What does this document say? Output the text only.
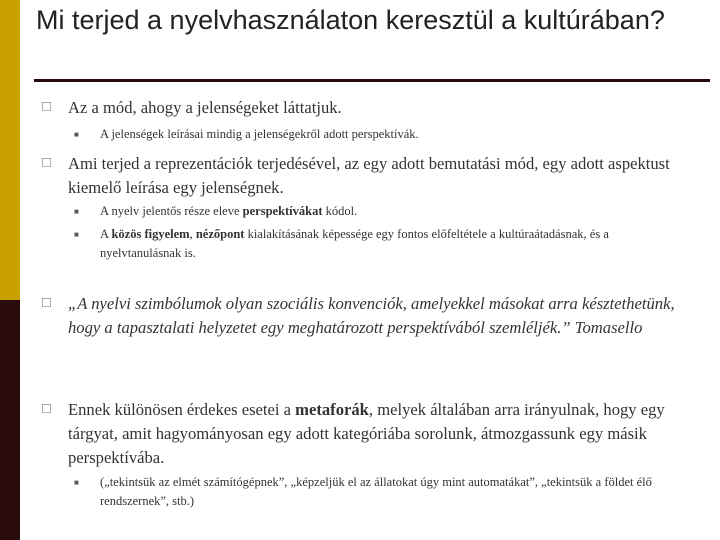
Mi terjed a nyelvhasználaton keresztül a kultúrában?
□ Az a mód, ahogy a jelenségeket láttatjuk.
■ A jelenségek leírásai mindig a jelenségekről adott perspektívák.
□ Ami terjed a reprezentációk terjedésével, az egy adott bemutatási mód, egy adott aspektust kiemelő leírása egy jelenségnek.
■ A nyelv jelentős része eleve perspektívákat kódol.
■ A közös figyelem, nézőpont kialakításának képessége egy fontos előfeltétele a kultúraátadásnak, és a nyelvtanulásnak is.
□ „A nyelvi szimbólumok olyan szociális konvenciók, amelyekkel másokat arra késztethetünk, hogy a tapasztalati helyzetet egy meghatározott perspektívából szemléljék.” Tomasello
□ Ennek különösen érdekes esetei a metaforák, melyek általában arra irányulnak, hogy egy tárgyat, amit hagyományosan egy adott kategóriába sorolunk, átmozgassunk egy másik perspektívába.
■ („tekintsük az elmét számítógépnek”, „képzeljük el az állatokat úgy mint automatákat”, „tekintsük a földet élő rendszernek”, stb.)
